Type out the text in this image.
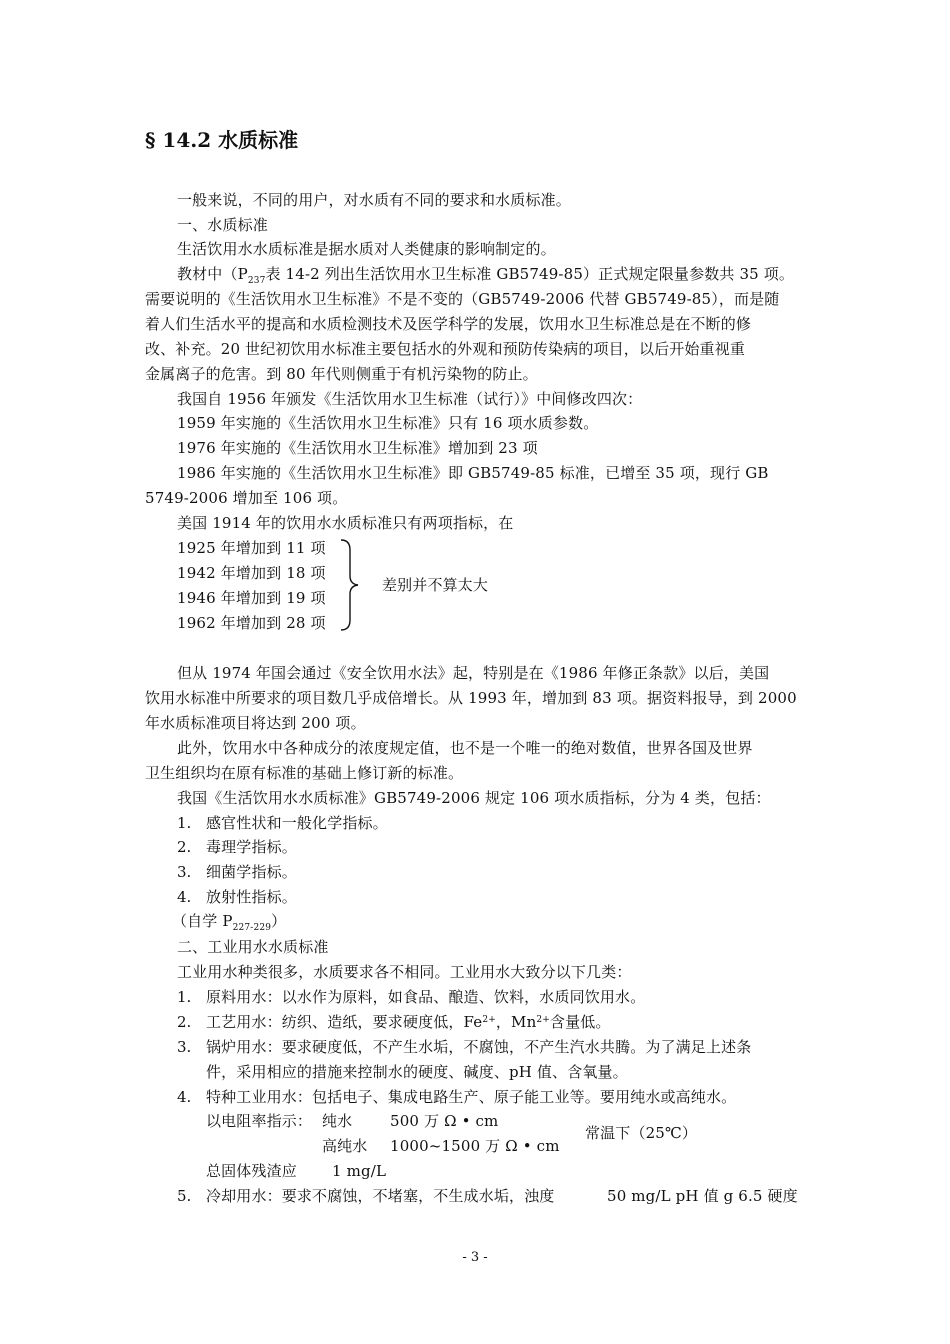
§ 14.2 水质标准
一般来说，不同的用户，对水质有不同的要求和水质标准。
一、水质标准
生活饮用水水质标准是据水质对人类健康的影响制定的。
教材中（$P_{237}$表 14-2 列出生活饮用水卫生标准 GB5749-85）正式规定限量参数共 35 项。
需要说明的《生活饮用水卫生标准》不是不变的（GB5749-2006 代替 GB5749-85），而是随
着人们生活水平的提高和水质检测技术及医学科学的发展，饮用水卫生标准总是在不断的修
改、补充。20 世纪初饮用水标准主要包括水的外观和预防传染病的项目，以后开始重视重
金属离子的危害。到 80 年代则侧重于有机污染物的防止。
我国自 1956 年颁发《生活饮用水卫生标准（试行）》中间修改四次：
1959 年实施的《生活饮用水卫生标准》只有 16 项水质参数。
1976 年实施的《生活饮用水卫生标准》增加到 23 项
1986 年实施的《生活饮用水卫生标准》即 GB5749-85 标准，已增至 35 项，现行 GB
5749-2006 增加至 106 项。
美国 1914 年的饮用水水质标准只有两项指标，在
1925 年增加到 11 项
1942 年增加到 18 项
1946 年增加到 19 项
1962 年增加到 28 项
差别并不算太大
但从 1974 年国会通过《安全饮用水法》起，特别是在《1986 年修正条款》以后，美国
饮用水标准中所要求的项目数几乎成倍增长。从 1993 年，增加到 83 项。据资料报导，到 2000
年水质标准项目将达到 200 项。
此外，饮用水中各种成分的浓度规定值，也不是一个唯一的绝对数值，世界各国及世界
卫生组织均在原有标准的基础上修订新的标准。
我国《生活饮用水水质标准》GB5749-2006 规定 106 项水质指标，分为 4 类，包括：
1. 感官性状和一般化学指标。
2. 毒理学指标。
3. 细菌学指标。
4. 放射性指标。
（自学 $P_{227-229}$）
二、工业用水水质标准
工业用水种类很多，水质要求各不相同。工业用水大致分以下几类：
1. 原料用水：以水作为原料，如食品、酿造、饮料，水质同饮用水。
2. 工艺用水：纺织、造纸，要求硬度低，$Fe^{2+}$，$Mn^{2+}$含量低。
3. 锅炉用水：要求硬度低，不产生水垢，不腐蚀，不产生汽水共腾。为了满足上述条
件，采用相应的措施来控制水的硬度、碱度、pH 值、含氧量。
4. 特种工业用水：包括电子、集成电路生产、原子能工业等。要用纯水或高纯水。
以电阻率指示： 纯水	500 万 Ω • cm
高纯水 1000~1500 万 Ω • cm
常温下（25℃）
总固体残渣应 1 mg/L
5. 冷却用水：要求不腐蚀，不堵塞，不生成水垢，浊度	50 mg/L pH 值 g 6.5 硬度
- 3 -
